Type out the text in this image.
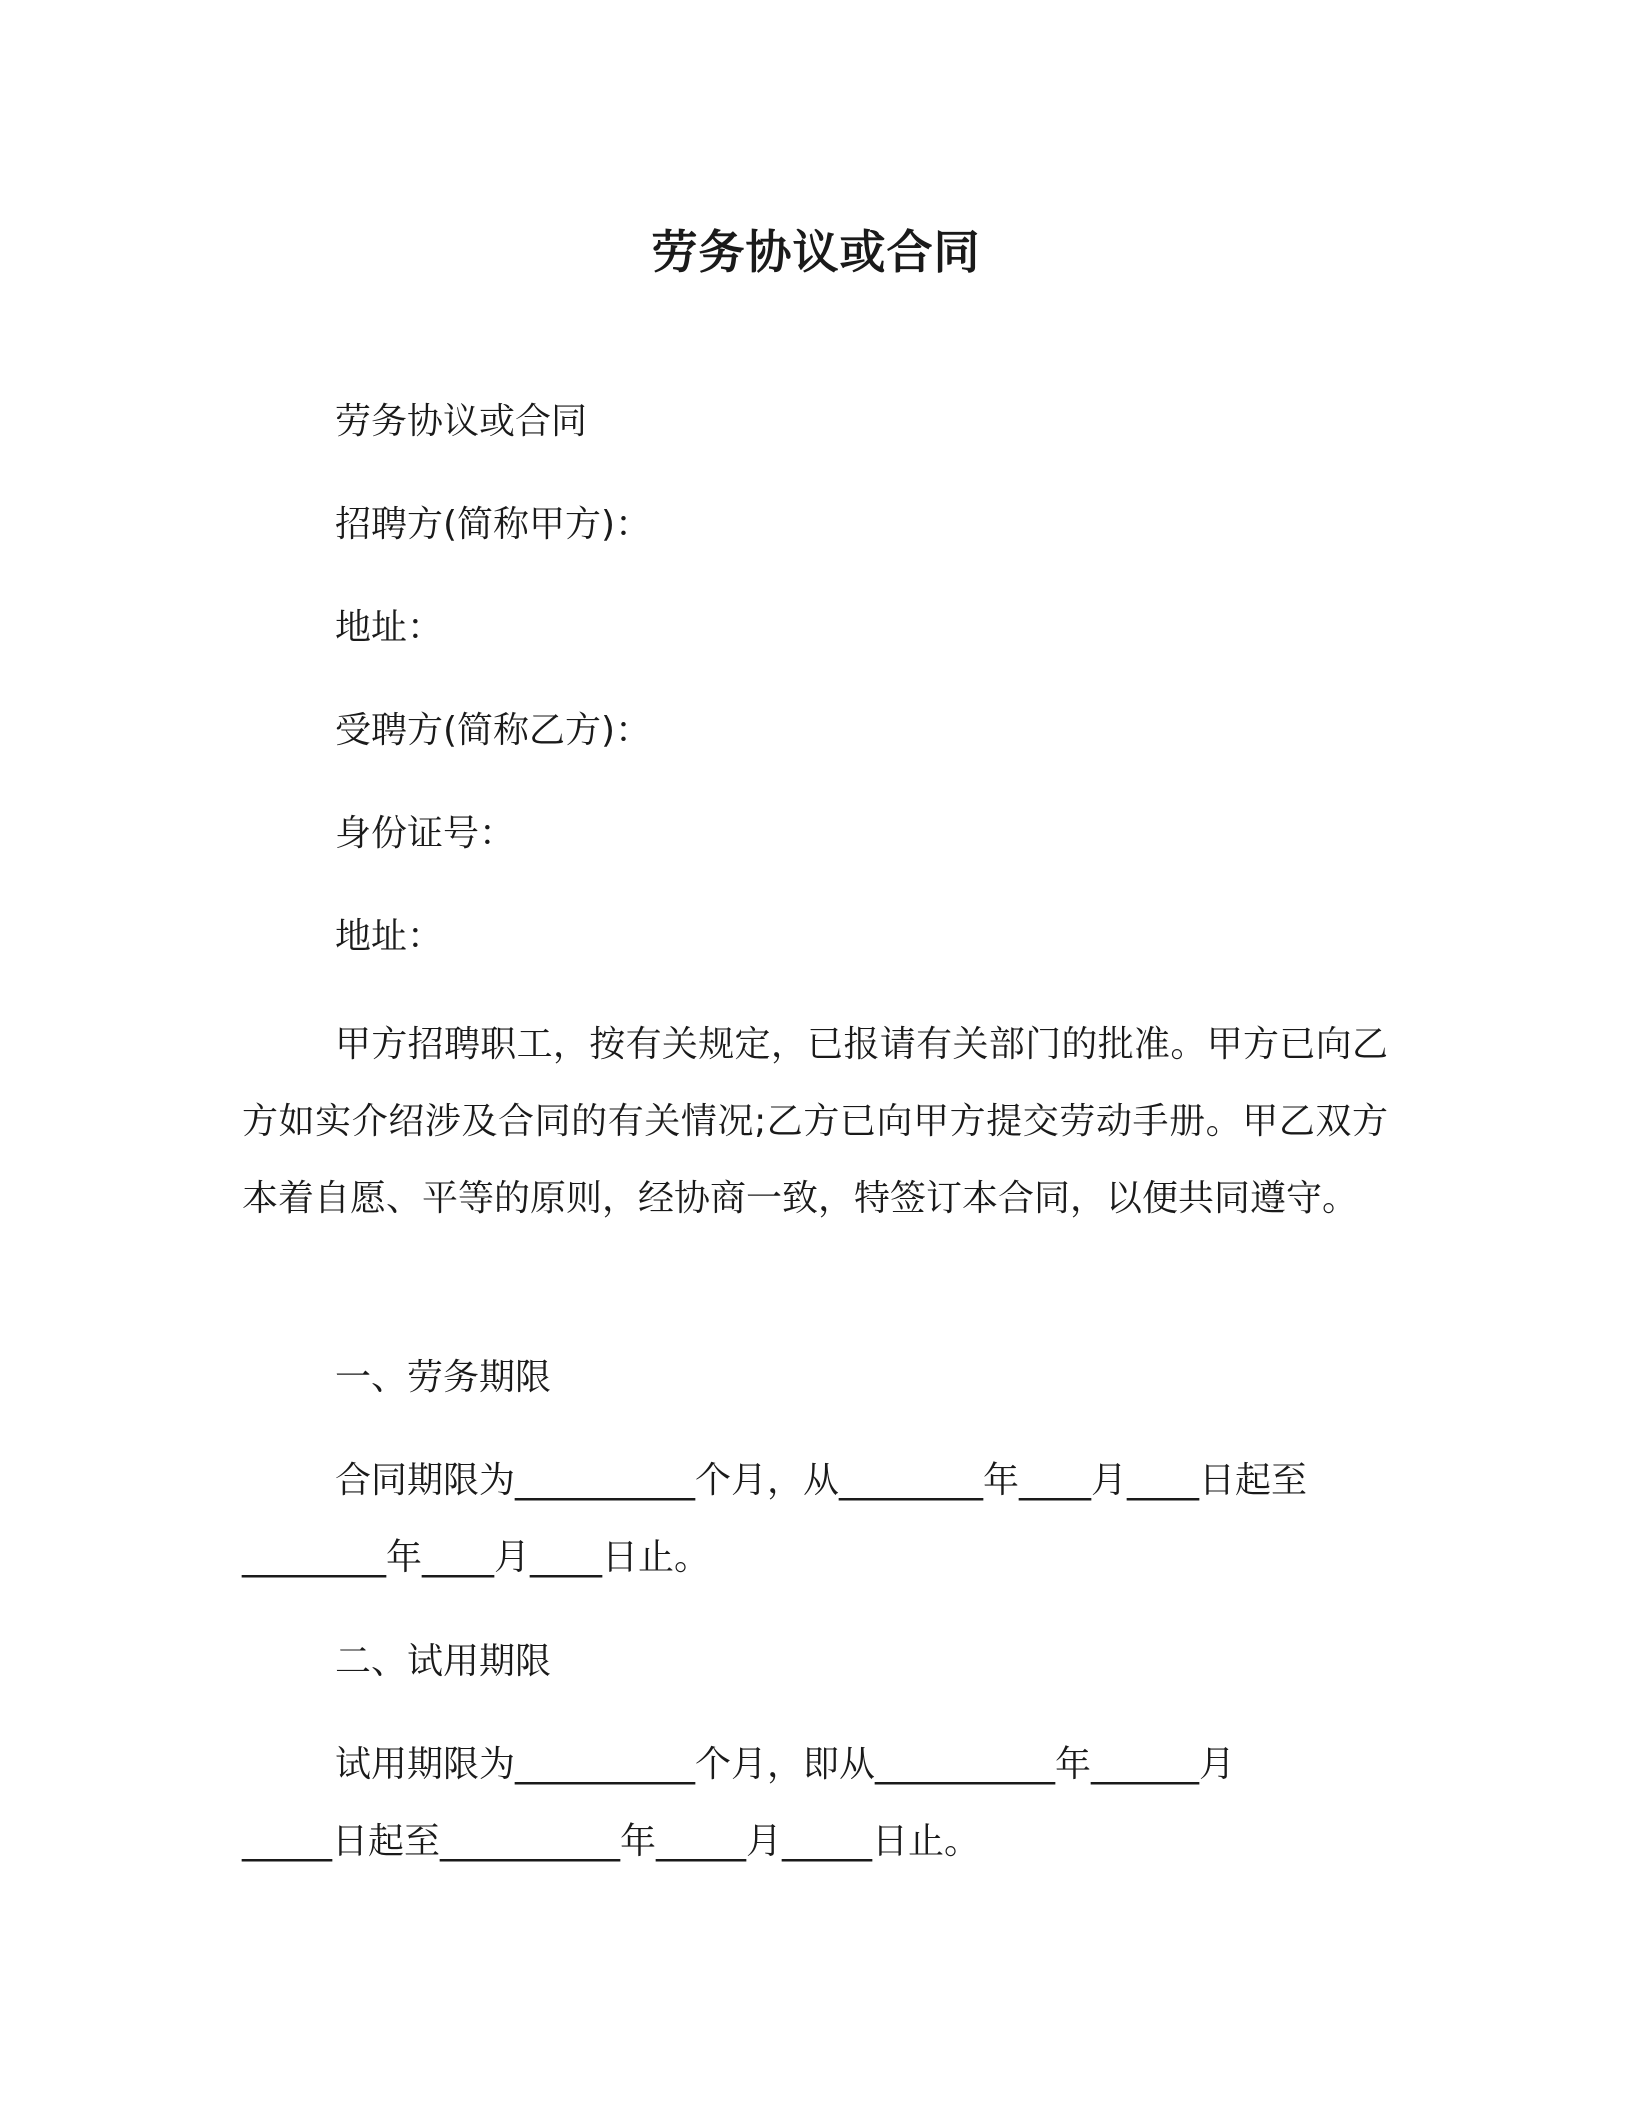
劳务协议或合同

劳务协议或合同

招聘方(简称甲方)：

地址：

受聘方(简称乙方)：

身份证号：

地址：

甲方招聘职工，按有关规定，已报请有关部门的批准。甲方已向乙方如实介绍涉及合同的有关情况;乙方已向甲方提交劳动手册。甲乙双方本着自愿、平等的原则，经协商一致，特签订本合同，以便共同遵守。

一、劳务期限

合同期限为__________个月，从________年____月____日起至

________年____月____日止。

二、试用期限

试用期限为__________个月，即从__________年______月

_____日起至__________年_____月_____日止。
